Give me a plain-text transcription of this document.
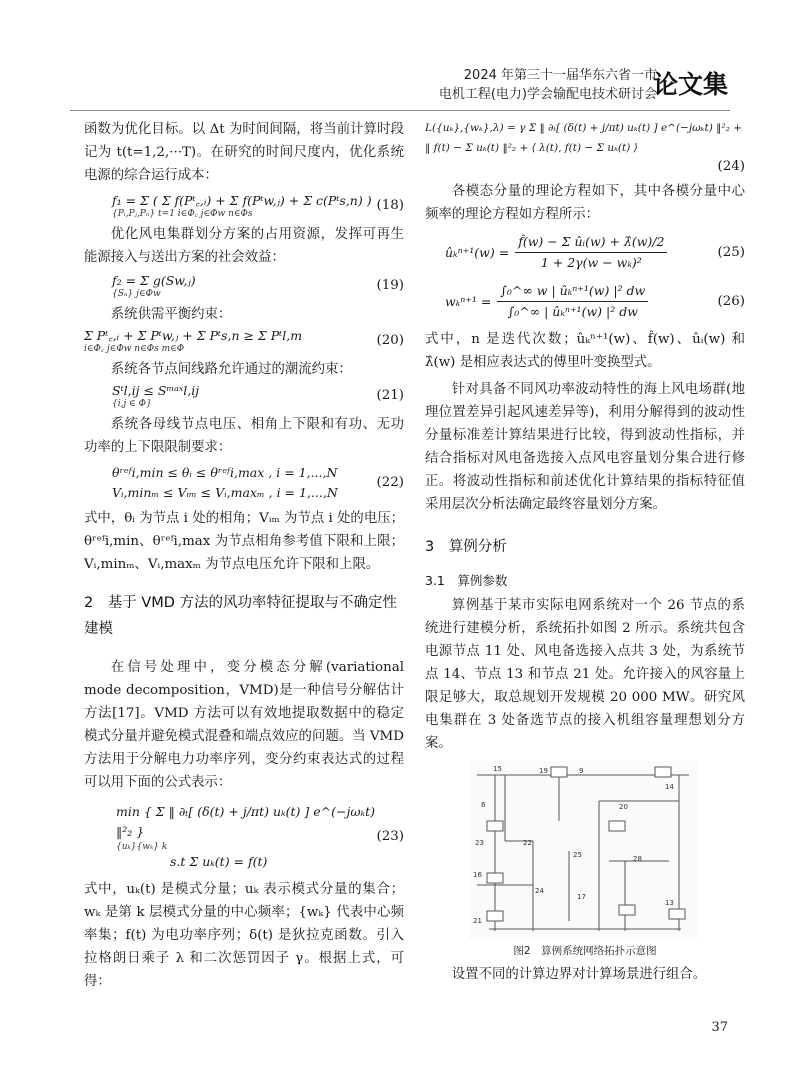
2024 年第三十一届华东六省一市
电机工程(电力)学会输配电技术研讨会
论文集
函数为优化目标。以 Δt 为时间间隔，将当前计算时段记为 t(t=1,2,···T)。在研究的时间尺度内，优化系统电源的综合运行成本：
f₁ = Σ ( Σ f(Pᵗ꜀,ᵢ) + Σ f(Pᵗw,ⱼ) + Σ c(Pᵗs,n) )
{Pᵢ,Pⱼ,Pₙ} t=1 i∈Φ꜀ j∈Φw n∈Φs
(18)
优化风电集群划分方案的占用资源，发挥可再生能源接入与送出方案的社会效益：
f₂ = Σ g(Sw,ⱼ)
{Sₙ} j∈Φw
(19)
系统供需平衡约束：
Σ Pᵗ꜀,ᵢ + Σ Pᵗw,ⱼ + Σ Pᵗs,n ≥ Σ Pᵗl,m
i∈Φ꜀ j∈Φw n∈Φs m∈Φ
(20)
系统各节点间线路允许通过的潮流约束：
Sᵗl,ij ≤ Sᵐᵃˣl,ij
{i,j ∈ Φ}
(21)
系统各母线节点电压、相角上下限和有功、无功功率的上下限限制要求：
θʳᵉᶠi,min ≤ θᵢ ≤ θʳᵉᶠi,max , i = 1,...,N
Vᵢ,minₘ ≤ Vᵢₘ ≤ Vᵢ,maxₘ , i = 1,...,N
(22)
式中，θᵢ 为节点 i 处的相角；Vᵢₘ 为节点 i 处的电压；θʳᵉᶠi,min、θʳᵉᶠi,max 为节点相角参考值下限和上限；Vᵢ,minₘ、Vᵢ,maxₘ 为节点电压允许下限和上限。
2　基于 VMD 方法的风功率特征提取与不确定性建模
在信号处理中，变分模态分解(variational mode decomposition，VMD)是一种信号分解估计方法[17]。VMD 方法可以有效地提取数据中的稳定模式分量并避免模式混叠和端点效应的问题。当 VMD 方法用于分解电力功率序列，变分约束表达式的过程可以用下面的公式表示：
min { Σ ‖ ∂ₜ[ (δ(t) + j/πt) uₖ(t) ] e^(−jωₖt) ‖²₂ }
{uₖ}{wₖ} k
s.t Σ uₖ(t) = f(t)
(23)
式中，uₖ(t) 是模式分量；uₖ 表示模式分量的集合；wₖ 是第 k 层模式分量的中心频率；{wₖ} 代表中心频率集；f(t) 为电功率序列；δ(t) 是狄拉克函数。引入拉格朗日乘子 λ 和二次惩罚因子 γ。根据上式，可得：
L({uₖ},{wₖ},λ) = γ Σ ‖ ∂ₜ[ (δ(t) + j/πt) uₖ(t) ] e^(−jωₖt) ‖²₂ +
‖ f(t) − Σ uₖ(t) ‖²₂ + ⟨ λ(t), f(t) − Σ uₖ(t) ⟩
(24)
各模态分量的理论方程如下，其中各模分量中心频率的理论方程如方程所示：
ûₖⁿ⁺¹(w) = $\frac{\text{f̂(w) − Σ ûᵢ(w) + λ̂(w)/2}}{\text{1 + 2γ(w − wₖ)²}}$	(25)
$w_k^{n+1} = \frac{\text{∫₀\textasciicircum{}∞ w | ûₖⁿ⁺¹(w) |² dw}}{\text{∫₀\textasciicircum{}∞ | ûₖⁿ⁺¹(w) |² dw}}$	(26)
式中，n 是迭代次数；ûₖⁿ⁺¹(w)、f̂(w)、ûᵢ(w) 和 λ̂(w) 是相应表达式的傅里叶变换型式。
针对具备不同风功率波动特性的海上风电场群(地理位置差异引起风速差异等)，利用分解得到的波动性分量标准差计算结果进行比较，得到波动性指标，并结合指标对风电备选接入点风电容量划分集合进行修正。将波动性指标和前述优化计算结果的指标特征值采用层次分析法确定最终容量划分方案。
3　算例分析
3.1　算例参数
算例基于某市实际电网系统对一个 26 节点的系统进行建模分析，系统拓扑如图 2 所示。系统共包含电源节点 11 处、风电备选接入点共 3 处，为系统节点 14、节点 13 和节点 21 处。允许接入的风容量上限足够大，取总规划开发规模 20 000 MW。研究风电集群在 3 处备选节点的接入机组容量理想划分方案。
15	19	9
14
6	20
23	22
25	28
16
24
17
21
13
图2　算例系统网络拓扑示意图
设置不同的计算边界对计算场景进行组合。
37
